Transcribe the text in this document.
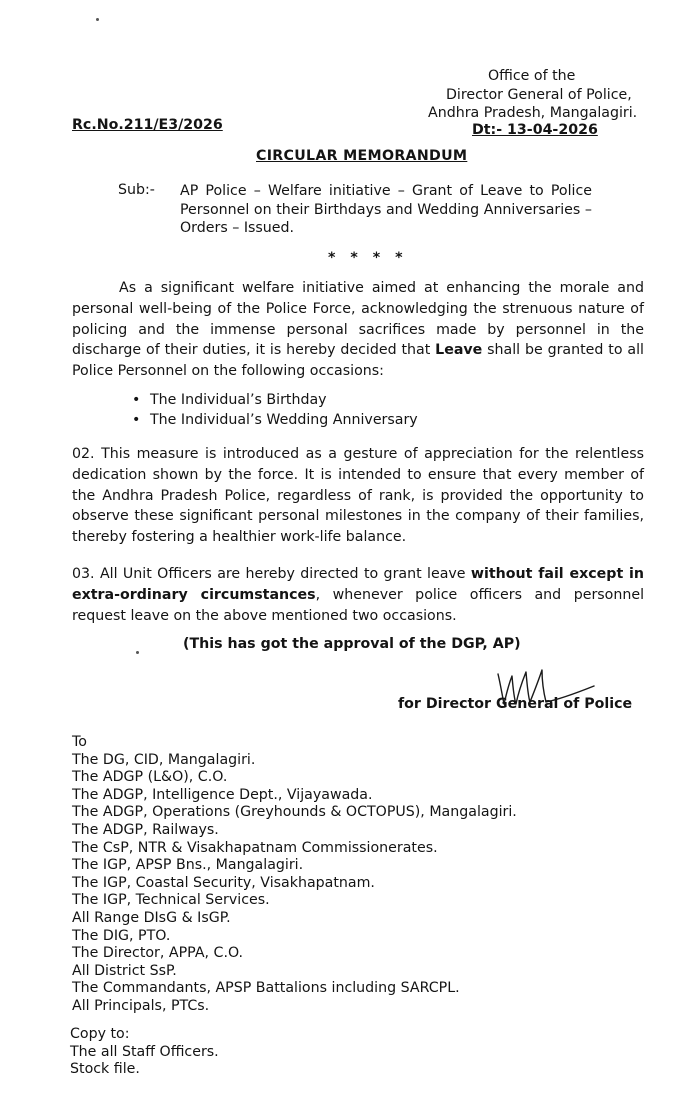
Office of the
Director General of Police,
Andhra Pradesh, Mangalagiri.
Rc.No.211/E3/2026	Dt:- 13-04-2026
CIRCULAR MEMORANDUM
Sub:- AP Police – Welfare initiative – Grant of Leave to Police Personnel on their Birthdays and Wedding Anniversaries – Orders – Issued.
* * * *
As a significant welfare initiative aimed at enhancing the morale and personal well-being of the Police Force, acknowledging the strenuous nature of policing and the immense personal sacrifices made by personnel in the discharge of their duties, it is hereby decided that Leave shall be granted to all Police Personnel on the following occasions:
• The Individual’s Birthday
• The Individual’s Wedding Anniversary
02. This measure is introduced as a gesture of appreciation for the relentless dedication shown by the force. It is intended to ensure that every member of the Andhra Pradesh Police, regardless of rank, is provided the opportunity to observe these significant personal milestones in the company of their families, thereby fostering a healthier work-life balance.
03. All Unit Officers are hereby directed to grant leave without fail except in extra-ordinary circumstances, whenever police officers and personnel request leave on the above mentioned two occasions.
(This has got the approval of the DGP, AP)
for Director General of Police
To
The DG, CID, Mangalagiri.
The ADGP (L&O), C.O.
The ADGP, Intelligence Dept., Vijayawada.
The ADGP, Operations (Greyhounds & OCTOPUS), Mangalagiri.
The ADGP, Railways.
The CsP, NTR & Visakhapatnam Commissionerates.
The IGP, APSP Bns., Mangalagiri.
The IGP, Coastal Security, Visakhapatnam.
The IGP, Technical Services.
All Range DIsG & IsGP.
The DIG, PTO.
The Director, APPA, C.O.
All District SsP.
The Commandants, APSP Battalions including SARCPL.
All Principals, PTCs.
Copy to:
The all Staff Officers.
Stock file.
